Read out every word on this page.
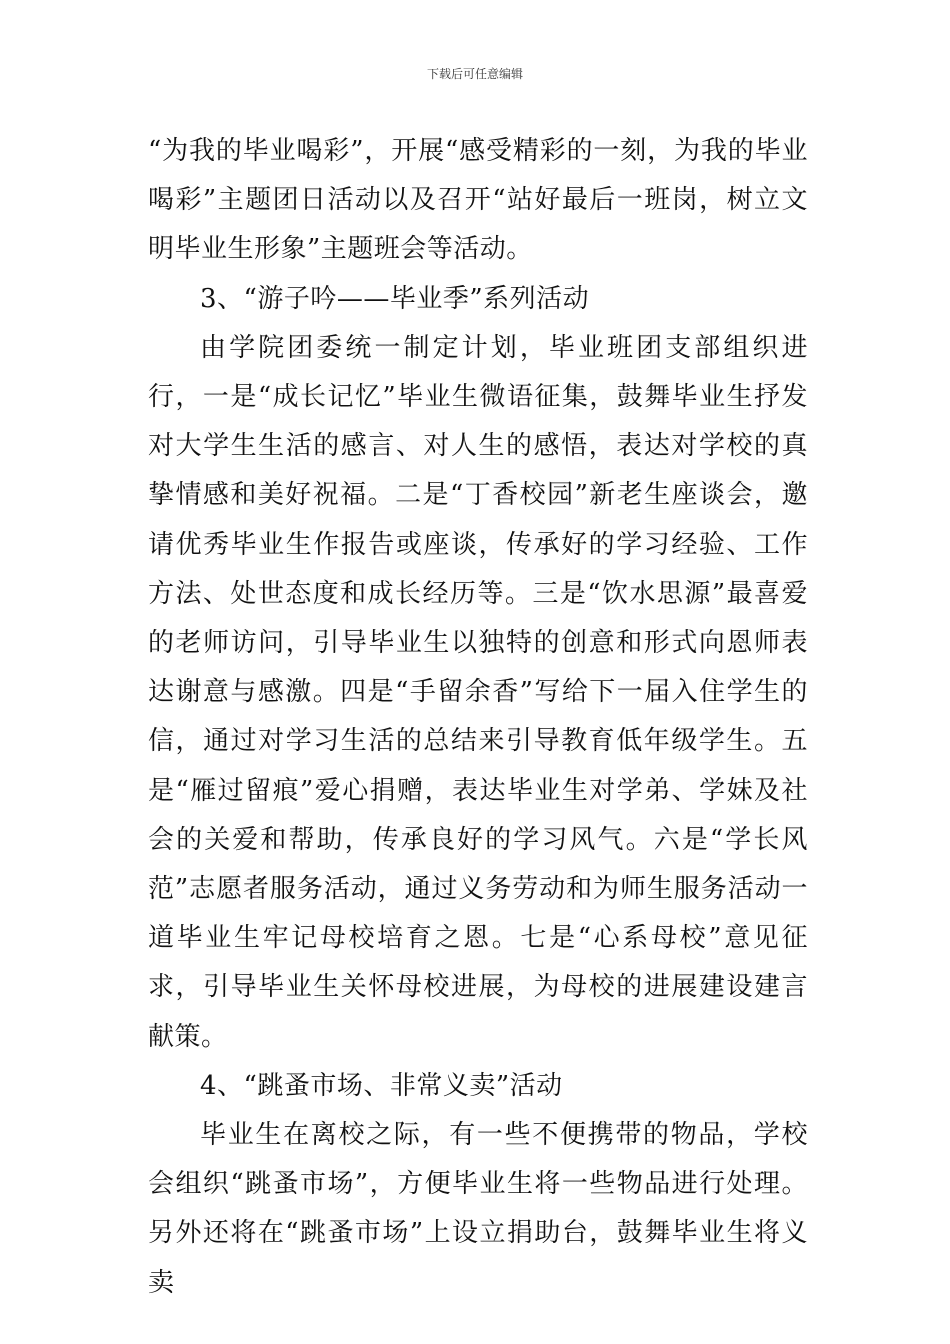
下载后可任意编辑

“为我的毕业喝彩”，开展“感受精彩的一刻，为我的毕业喝彩”主题团日活动以及召开“站好最后一班岗，树立文明毕业生形象”主题班会等活动。

3、“游子吟——毕业季”系列活动

由学院团委统一制定计划，毕业班团支部组织进行，一是“成长记忆”毕业生微语征集，鼓舞毕业生抒发对大学生生活的感言、对人生的感悟，表达对学校的真挚情感和美好祝福。二是“丁香校园”新老生座谈会，邀请优秀毕业生作报告或座谈，传承好的学习经验、工作方法、处世态度和成长经历等。三是“饮水思源”最喜爱的老师访问，引导毕业生以独特的创意和形式向恩师表达谢意与感激。四是“手留余香”写给下一届入住学生的信，通过对学习生活的总结来引导教育低年级学生。五是“雁过留痕”爱心捐赠，表达毕业生对学弟、学妹及社会的关爱和帮助，传承良好的学习风气。六是“学长风范”志愿者服务活动，通过义务劳动和为师生服务活动一道毕业生牢记母校培育之恩。七是“心系母校”意见征求，引导毕业生关怀母校进展，为母校的进展建设建言献策。

4、“跳蚤市场、非常义卖”活动

毕业生在离校之际，有一些不便携带的物品，学校会组织“跳蚤市场”，方便毕业生将一些物品进行处理。另外还将在“跳蚤市场”上设立捐助台，鼓舞毕业生将义卖
